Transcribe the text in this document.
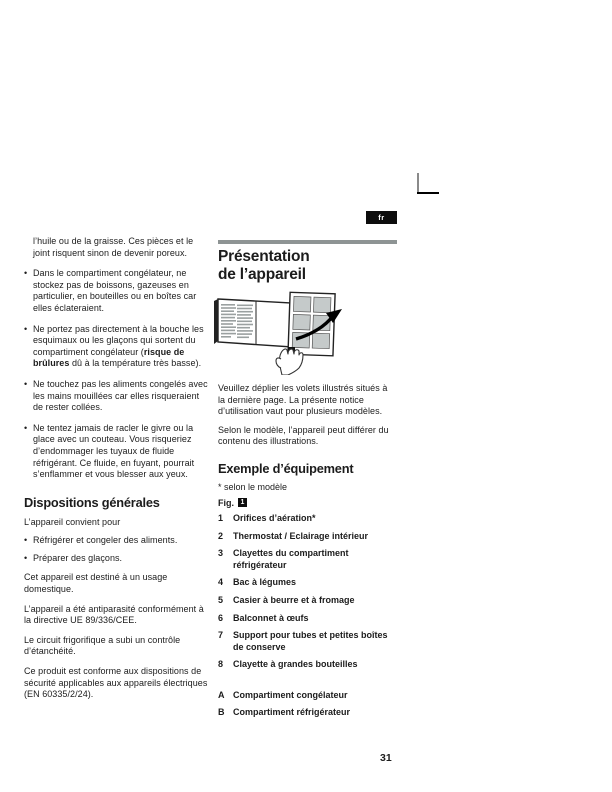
fr

l’huile ou de la graisse. Ces pièces et le joint risquent sinon de devenir poreux.

• Dans le compartiment congélateur, ne stockez pas de boissons, gazeuses en particulier, en bouteilles ou en boîtes car elles éclateraient.
• Ne portez pas directement à la bouche les esquimaux ou les glaçons qui sortent du compartiment congélateur (risque de brûlures dû à la température très basse).
• Ne touchez pas les aliments congelés avec les mains mouillées car elles risqueraient de rester collées.
• Ne tentez jamais de racler le givre ou la glace avec un couteau. Vous risqueriez d’endommager les tuyaux de fluide réfrigérant. Ce fluide, en fuyant, pourrait s’enflammer et vous blesser aux yeux.
Dispositions générales

L’appareil convient pour

• Réfrigérer et congeler des aliments.
• Préparer des glaçons.

Cet appareil est destiné à un usage domestique.

L’appareil a été antiparasité conformément à la directive UE 89/336/CEE.

Le circuit frigorifique a subi un contrôle d’étanchéité.

Ce produit est conforme aux dispositions de sécurité applicables aux appareils électriques (EN 60335/2/24).

Présentation
de l’appareil

Veuillez déplier les volets illustrés situés à la dernière page. La présente notice d’utilisation vaut pour plusieurs modèles.

Selon le modèle, l’appareil peut différer du contenu des illustrations.

Exemple d’équipement
* selon le modèle
Fig. 1
1	Orifices d’aération*
2	Thermostat / Eclairage intérieur
3	Clayettes du compartiment réfrigérateur
4	Bac à légumes
5	Casier à beurre et à fromage
6	Balconnet à œufs
7	Support pour tubes et petites boîtes de conserve
8	Clayette à grandes bouteilles
A Compartiment congélateur
B Compartiment réfrigérateur
31
